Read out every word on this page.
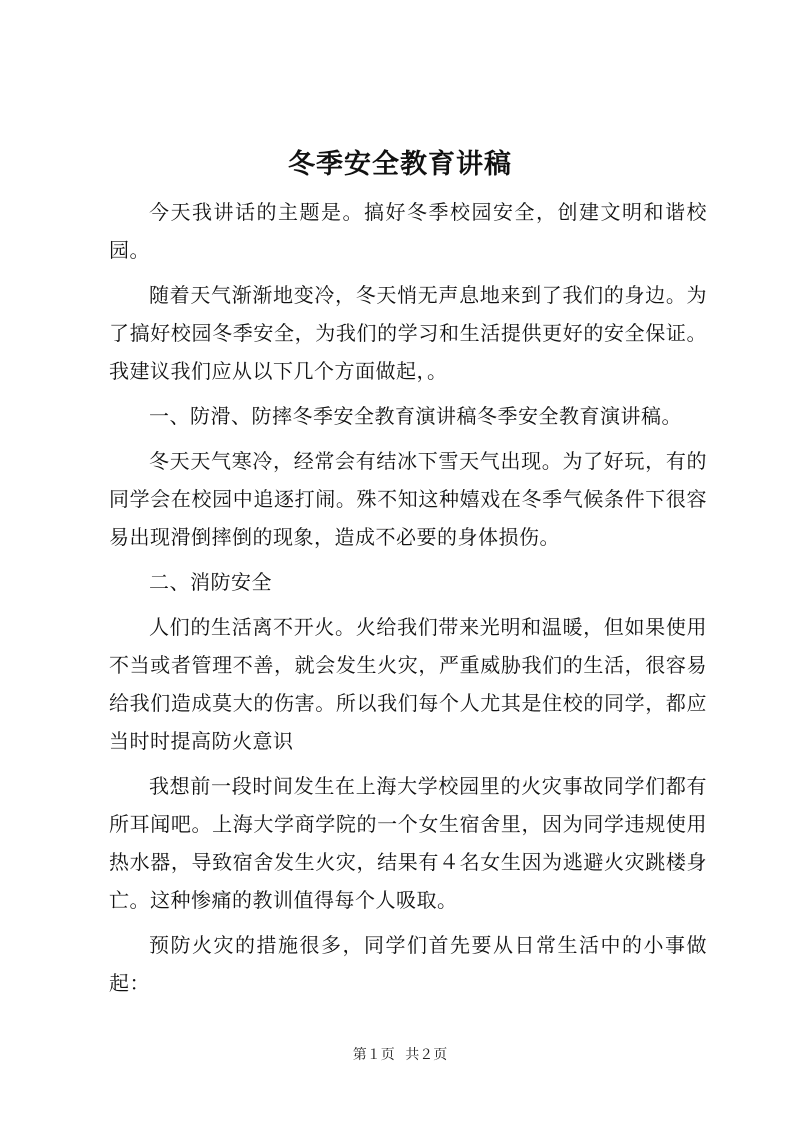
冬季安全教育讲稿

今天我讲话的主题是。搞好冬季校园安全，创建文明和谐校园。

随着天气渐渐地变冷，冬天悄无声息地来到了我们的身边。为了搞好校园冬季安全，为我们的学习和生活提供更好的安全保证。我建议我们应从以下几个方面做起，。

一、防滑、防摔冬季安全教育演讲稿冬季安全教育演讲稿。

冬天天气寒冷，经常会有结冰下雪天气出现。为了好玩，有的同学会在校园中追逐打闹。殊不知这种嬉戏在冬季气候条件下很容易出现滑倒摔倒的现象，造成不必要的身体损伤。

二、消防安全

人们的生活离不开火。火给我们带来光明和温暖，但如果使用不当或者管理不善，就会发生火灾，严重威胁我们的生活，很容易给我们造成莫大的伤害。所以我们每个人尤其是住校的同学，都应当时时提高防火意识

我想前一段时间发生在上海大学校园里的火灾事故同学们都有所耳闻吧。上海大学商学院的一个女生宿舍里，因为同学违规使用热水器，导致宿舍发生火灾，结果有４名女生因为逃避火灾跳楼身亡。这种惨痛的教训值得每个人吸取。

预防火灾的措施很多，同学们首先要从日常生活中的小事做起：

第１页 共２页
